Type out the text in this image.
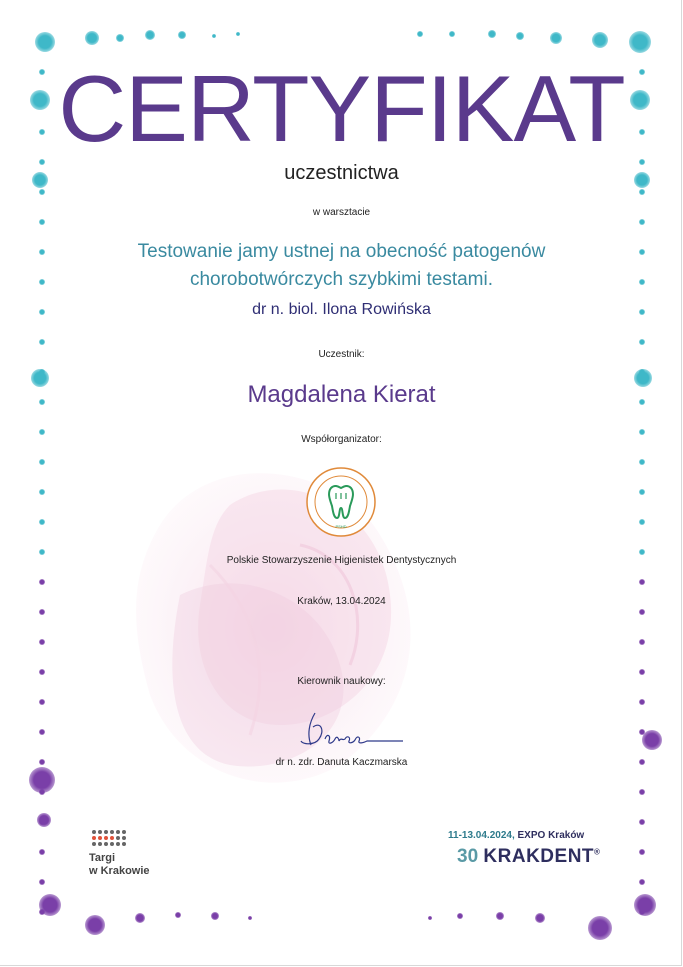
CERTYFIKAT
uczestnictwa
w warsztacie
Testowanie jamy ustnej na obecność patogenów
chorobotwórczych szybkimi testami.
dr n. biol. Ilona Rowińska
Uczestnik:
Magdalena Kierat
Współorganizator:
PSHD
Polskie Stowarzyszenie Higienistek Dentystycznych
Kraków, 13.04.2024
Kierownik naukowy:
dr n. zdr. Danuta Kaczmarska
Targi
w Krakowie
11-13.04.2024, EXPO Kraków
30 KRAKDENT®
